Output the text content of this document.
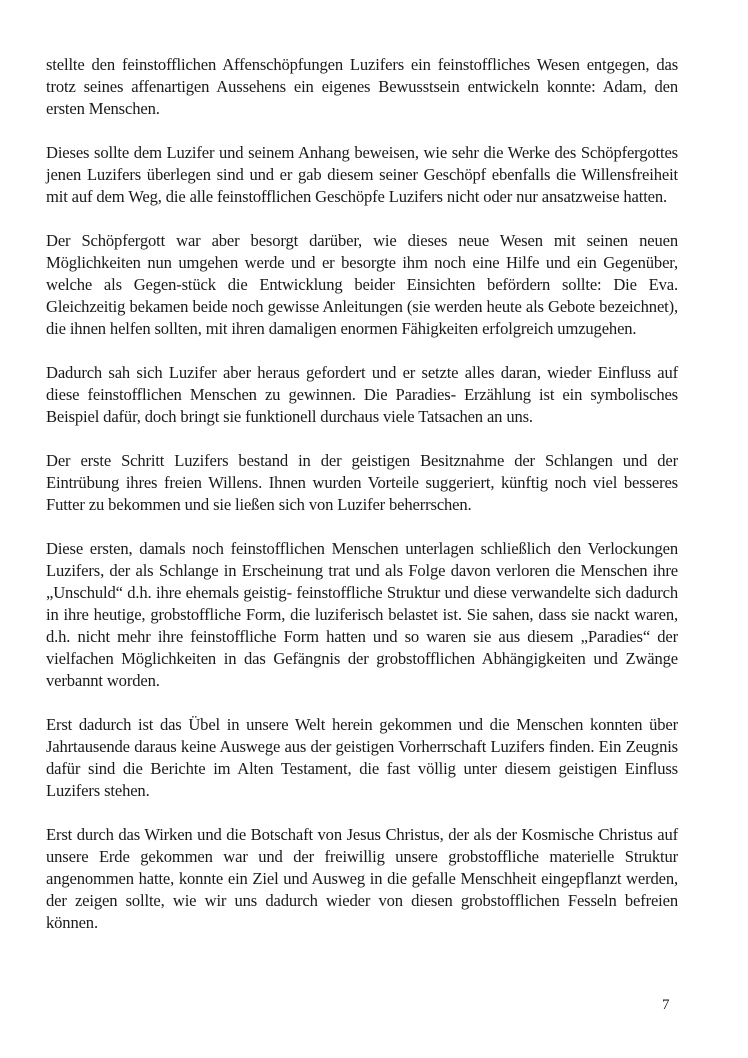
stellte den feinstofflichen Affenschöpfungen Luzifers ein feinstoffliches Wesen entgegen, das trotz seines affenartigen Aussehens ein eigenes Bewusstsein entwickeln konnte: Adam, den ersten Menschen.

Dieses sollte dem Luzifer und seinem Anhang beweisen, wie sehr die Werke des Schöpfergottes jenen Luzifers überlegen sind und er gab diesem seiner Geschöpf ebenfalls die Willensfreiheit mit auf dem Weg, die alle feinstofflichen Geschöpfe Luzifers nicht oder nur ansatzweise hatten.

Der Schöpfergott war aber besorgt darüber, wie dieses neue Wesen mit seinen neuen Möglichkeiten nun umgehen werde und er besorgte ihm noch eine Hilfe und ein Gegenüber, welche als Gegen-stück die Entwicklung beider Einsichten befördern sollte: Die Eva. Gleichzeitig bekamen beide noch gewisse Anleitungen (sie werden heute als Gebote bezeichnet), die ihnen helfen sollten, mit ihren damaligen enormen Fähigkeiten erfolgreich umzugehen.

Dadurch sah sich Luzifer aber heraus gefordert und er setzte alles daran, wieder Einfluss auf diese feinstofflichen Menschen zu gewinnen. Die Paradies- Erzählung ist ein symbolisches Beispiel dafür, doch bringt sie funktionell durchaus viele Tatsachen an uns.

Der erste Schritt Luzifers bestand in der geistigen Besitznahme der Schlangen und der Eintrübung ihres freien Willens. Ihnen wurden Vorteile suggeriert, künftig noch viel besseres Futter zu bekommen und sie ließen sich von Luzifer beherrschen.

Diese ersten, damals noch feinstofflichen Menschen unterlagen schließlich den Verlockungen Luzifers, der als Schlange in Erscheinung trat und als Folge davon verloren die Menschen ihre „Unschuld“ d.h. ihre ehemals geistig- feinstoffliche Struktur und diese verwandelte sich dadurch in ihre heutige, grobstoffliche Form, die luziferisch belastet ist. Sie sahen, dass sie nackt waren, d.h. nicht mehr ihre feinstoffliche Form hatten und so waren sie aus diesem „Paradies“ der vielfachen Möglichkeiten in das Gefängnis der grobstofflichen Abhängigkeiten und Zwänge verbannt worden.

Erst dadurch ist das Übel in unsere Welt herein gekommen und die Menschen konnten über Jahrtausende daraus keine Auswege aus der geistigen Vorherrschaft Luzifers finden. Ein Zeugnis dafür sind die Berichte im Alten Testament, die fast völlig unter diesem geistigen Einfluss Luzifers stehen.

Erst durch das Wirken und die Botschaft von Jesus Christus, der als der Kosmische Christus auf unsere Erde gekommen war und der freiwillig unsere grobstoffliche materielle Struktur angenommen hatte, konnte ein Ziel und Ausweg in die gefalle Menschheit eingepflanzt werden, der zeigen sollte, wie wir uns dadurch wieder von diesen grobstofflichen Fesseln befreien können.

7
